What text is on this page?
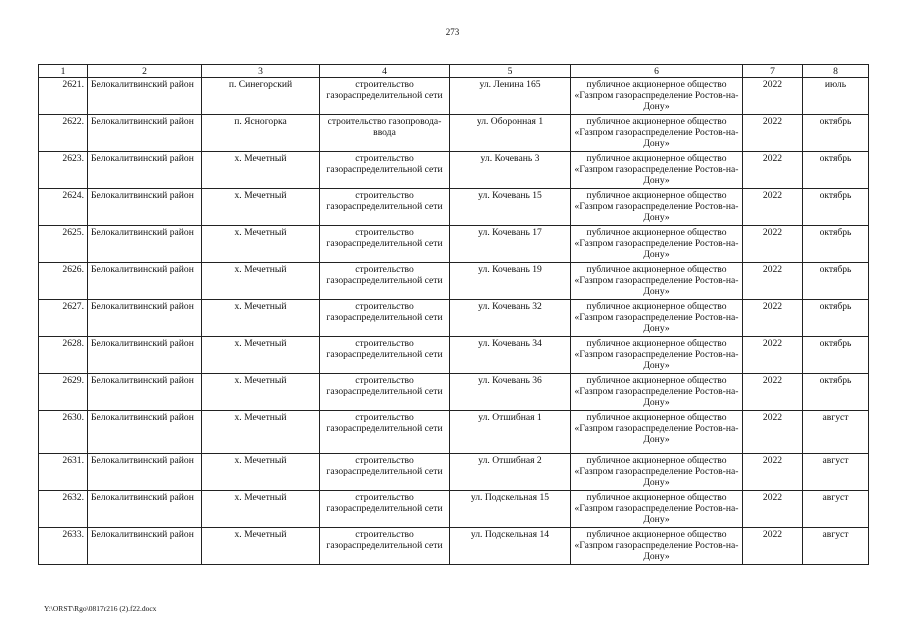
273
1	2	3	4	5	6	7	8
2621.	Белокалитвинский район	п. Синегорский	строительство газораспределительной сети	ул. Ленина 165	публичное акционерное общество «Газпром газораспределение Ростов-на-Дону»	2022	июль
2622.	Белокалитвинский район	п. Ясногорка	строительство газопровода-ввода	ул. Оборонная 1	публичное акционерное общество «Газпром газораспределение Ростов-на-Дону»	2022	октябрь
2623.	Белокалитвинский район	х. Мечетный	строительство газораспределительной сети	ул. Кочевань 3	публичное акционерное общество «Газпром газораспределение Ростов-на-Дону»	2022	октябрь
2624.	Белокалитвинский район	х. Мечетный	строительство газораспределительной сети	ул. Кочевань 15	публичное акционерное общество «Газпром газораспределение Ростов-на-Дону»	2022	октябрь
2625.	Белокалитвинский район	х. Мечетный	строительство газораспределительной сети	ул. Кочевань 17	публичное акционерное общество «Газпром газораспределение Ростов-на-Дону»	2022	октябрь
2626.	Белокалитвинский район	х. Мечетный	строительство газораспределительной сети	ул. Кочевань 19	публичное акционерное общество «Газпром газораспределение Ростов-на-Дону»	2022	октябрь
2627.	Белокалитвинский район	х. Мечетный	строительство газораспределительной сети	ул. Кочевань 32	публичное акционерное общество «Газпром газораспределение Ростов-на-Дону»	2022	октябрь
2628.	Белокалитвинский район	х. Мечетный	строительство газораспределительной сети	ул. Кочевань 34	публичное акционерное общество «Газпром газораспределение Ростов-на-Дону»	2022	октябрь
2629.	Белокалитвинский район	х. Мечетный	строительство газораспределительной сети	ул. Кочевань 36	публичное акционерное общество «Газпром газораспределение Ростов-на-Дону»	2022	октябрь
2630.	Белокалитвинский район	х. Мечетный	строительство газораспределительной сети	ул. Отшибная 1	публичное акционерное общество «Газпром газораспределение Ростов-на-Дону»	2022	август
2631.	Белокалитвинский район	х. Мечетный	строительство газораспределительной сети	ул. Отшибная 2	публичное акционерное общество «Газпром газораспределение Ростов-на-Дону»	2022	август
2632.	Белокалитвинский район	х. Мечетный	строительство газораспределительной сети	ул. Подскельная 15	публичное акционерное общество «Газпром газораспределение Ростов-на-Дону»	2022	август
2633.	Белокалитвинский район	х. Мечетный	строительство газораспределительной сети	ул. Подскельная 14	публичное акционерное общество «Газпром газораспределение Ростов-на-Дону»	2022	август
Y:\ORST\Rgo\0817r216 (2).f22.docx
